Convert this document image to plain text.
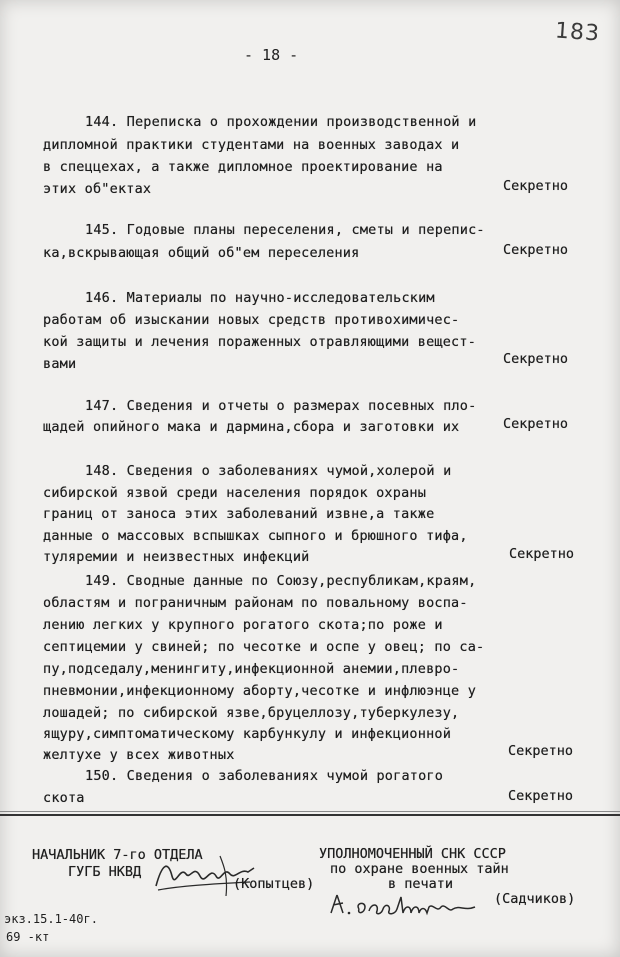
183
- 18 -
144. Переписка о прохождении производственной и
дипломной практики студентами на военных заводах и
в спеццехах, а также дипломное проектирование на
этих об"ектах	Секретно
145. Годовые планы переселения, сметы и перепис-
ка,вскрывающая общий об"ем переселения	Секретно
146. Материалы по научно-исследовательским
работам об изыскании новых средств противохимичес-
кой защиты и лечения пораженных отравляющими вещест-
вами	Секретно
147. Сведения и отчеты о размерах посевных пло-
щадей опийного мака и дармина,сбора и заготовки их	Секретно
148. Сведения о заболеваниях чумой,холерой и
сибирской язвой среди населения порядок охраны
границ от заноса этих заболеваний извне,а также
данные о массовых вспышках сыпного и брюшного тифа,
туляремии и неизвестных инфекций	Секретно
149. Сводные данные по Союзу,республикам,краям,
областям и пограничным районам по повальному воспа-
лению легких у крупного рогатого скота;по роже и
септицемии у свиней; по чесотке и оспе у овец; по са-
пу,подседалу,менингиту,инфекционной анемии,плевро-
пневмонии,инфекционному аборту,чесотке и инфлюэнце у
лошадей; по сибирской язве,бруцеллозу,туберкулезу,
ящуру,симптоматическому карбункулу и инфекционной
желтухе у всех животных	Секретно
150. Сведения о заболеваниях чумой рогатого
скота	Секретно
НАЧАЛЬНИК 7-го ОТДЕЛА
ГУГБ НКВД
(Копытцев)
УПОЛНОМОЧЕННЫЙ СНК СССР
по охране военных тайн
в печати
(Садчиков)
экз.15.1-40г.
69 -кт
